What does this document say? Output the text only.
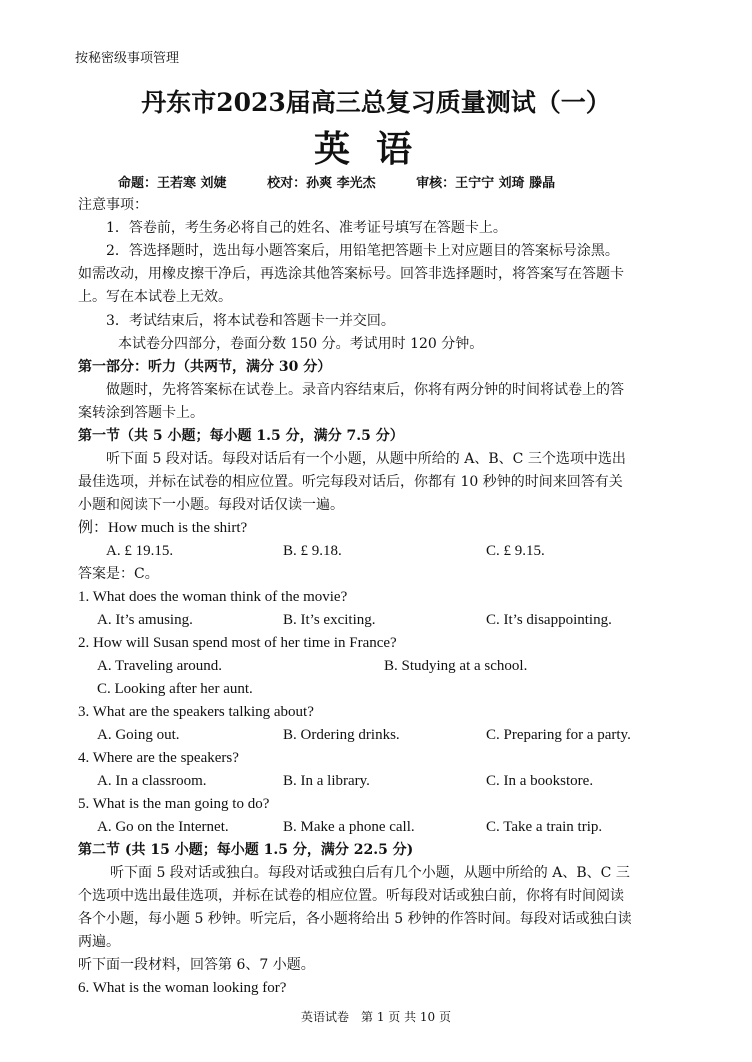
按秘密级事项管理
丹东市2023届高三总复习质量测试（一）
英语
命题：王若寒 刘婕	校对：孙爽 李光杰	审核：王宁宁 刘琦 滕晶
注意事项：
1．答卷前，考生务必将自己的姓名、准考证号填写在答题卡上。
2．答选择题时，选出每小题答案后，用铅笔把答题卡上对应题目的答案标号涂黑。
如需改动，用橡皮擦干净后，再选涂其他答案标号。回答非选择题时，将答案写在答题卡
上。写在本试卷上无效。
3．考试结束后，将本试卷和答题卡一并交回。
本试卷分四部分，卷面分数 150 分。考试用时 120 分钟。
第一部分：听力（共两节，满分 30 分）
做题时，先将答案标在试卷上。录音内容结束后，你将有两分钟的时间将试卷上的答
案转涂到答题卡上。
第一节（共 5 小题；每小题 1.5 分，满分 7.5 分）
听下面 5 段对话。每段对话后有一个小题，从题中所给的 A、B、C 三个选项中选出
最佳选项，并标在试卷的相应位置。听完每段对话后，你都有 10 秒钟的时间来回答有关
小题和阅读下一小题。每段对话仅读一遍。
例：How much is the shirt?
A. £ 19.15.	B. £ 9.18.	C. £ 9.15.
答案是：C。
1. What does the woman think of the movie?
A. It’s amusing.	B. It’s exciting.	C. It’s disappointing.
2. How will Susan spend most of her time in France?
A. Traveling around.	B. Studying at a school.
C. Looking after her aunt.
3. What are the speakers talking about?
A. Going out.	B. Ordering drinks.	C. Preparing for a party.
4. Where are the speakers?
A. In a classroom.	B. In a library.	C. In a bookstore.
5. What is the man going to do?
A. Go on the Internet.	B. Make a phone call.	C. Take a train trip.
第二节 (共 15 小题；每小题 1.5 分，满分 22.5 分)
听下面 5 段对话或独白。每段对话或独白后有几个小题，从题中所给的 A、B、C 三
个选项中选出最佳选项，并标在试卷的相应位置。听每段对话或独白前，你将有时间阅读
各个小题，每小题 5 秒钟。听完后，各小题将给出 5 秒钟的作答时间。每段对话或独白读
两遍。
听下面一段材料，回答第 6、7 小题。
6. What is the woman looking for?
英语试卷　第 1 页 共 10 页
